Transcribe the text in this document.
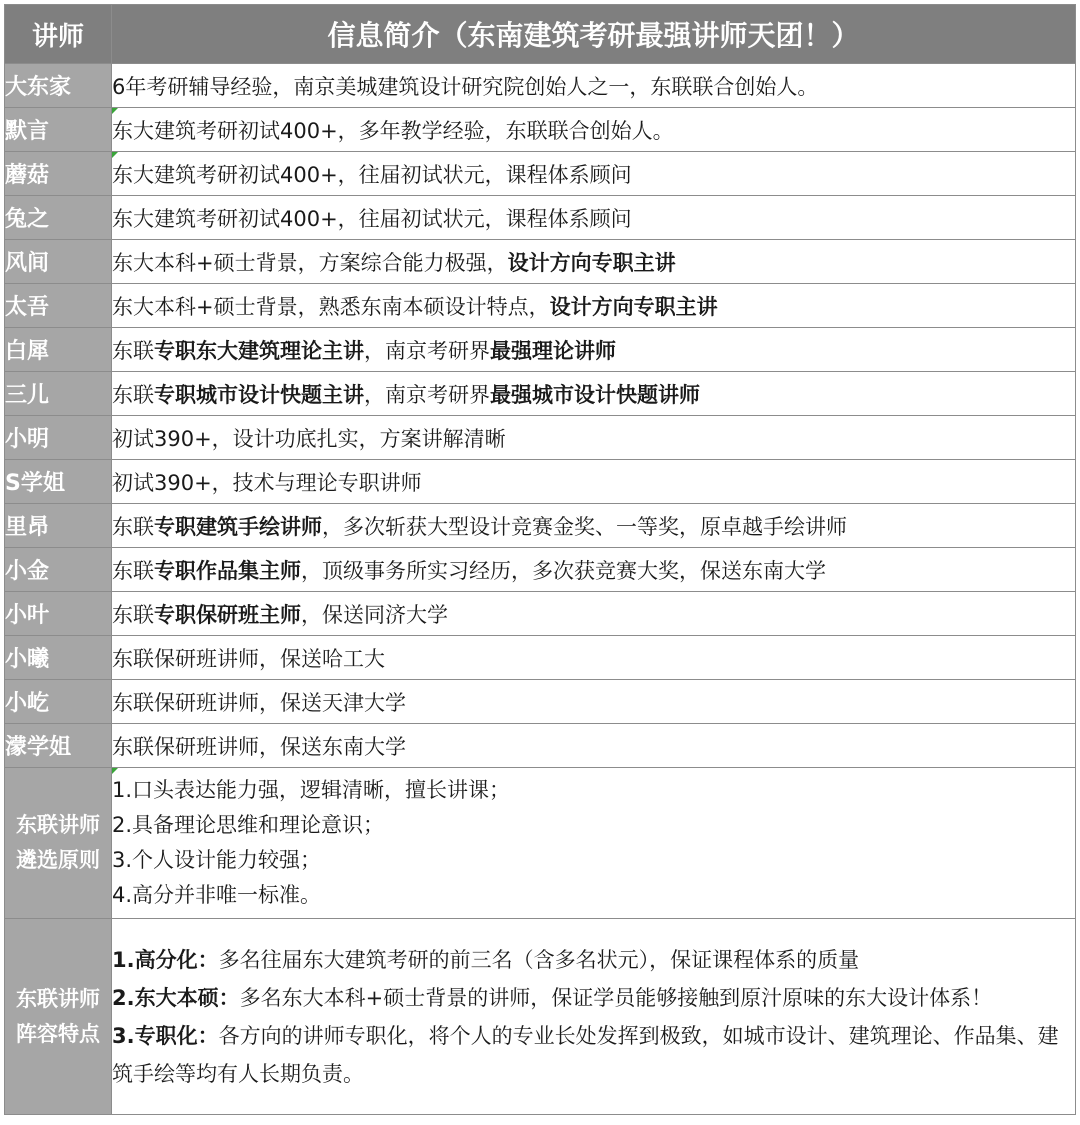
讲师	信息简介（东南建筑考研最强讲师天团！）
大东家	6年考研辅导经验，南京美城建筑设计研究院创始人之一，东联联合创始人。
默言	东大建筑考研初试400+，多年教学经验，东联联合创始人。
蘑菇	东大建筑考研初试400+，往届初试状元，课程体系顾问
兔之	东大建筑考研初试400+，往届初试状元，课程体系顾问
风间	东大本科+硕士背景，方案综合能力极强，设计方向专职主讲
太吾	东大本科+硕士背景，熟悉东南本硕设计特点，设计方向专职主讲
白犀	东联专职东大建筑理论主讲，南京考研界最强理论讲师
三儿	东联专职城市设计快题主讲，南京考研界最强城市设计快题讲师
小明	初试390+，设计功底扎实，方案讲解清晰
S学姐	初试390+，技术与理论专职讲师
里昂	东联专职建筑手绘讲师，多次斩获大型设计竞赛金奖、一等奖，原卓越手绘讲师
小金	东联专职作品集主师，顶级事务所实习经历，多次获竞赛大奖，保送东南大学
小叶	东联专职保研班主师，保送同济大学
小曦	东联保研班讲师，保送哈工大
小屹	东联保研班讲师，保送天津大学
濛学姐	东联保研班讲师，保送东南大学

东联讲师
遴选原则	1.口头表达能力强，逻辑清晰，擅长讲课；
2.具备理论思维和理论意识；
3.个人设计能力较强；
4.高分并非唯一标准。

东联讲师
阵容特点	1.高分化：多名往届东大建筑考研的前三名（含多名状元），保证课程体系的质量
2.东大本硕：多名东大本科+硕士背景的讲师，保证学员能够接触到原汁原味的东大设计体系！
3.专职化：各方向的讲师专职化，将个人的专业长处发挥到极致，如城市设计、建筑理论、作品集、建筑手绘等均有人长期负责。
